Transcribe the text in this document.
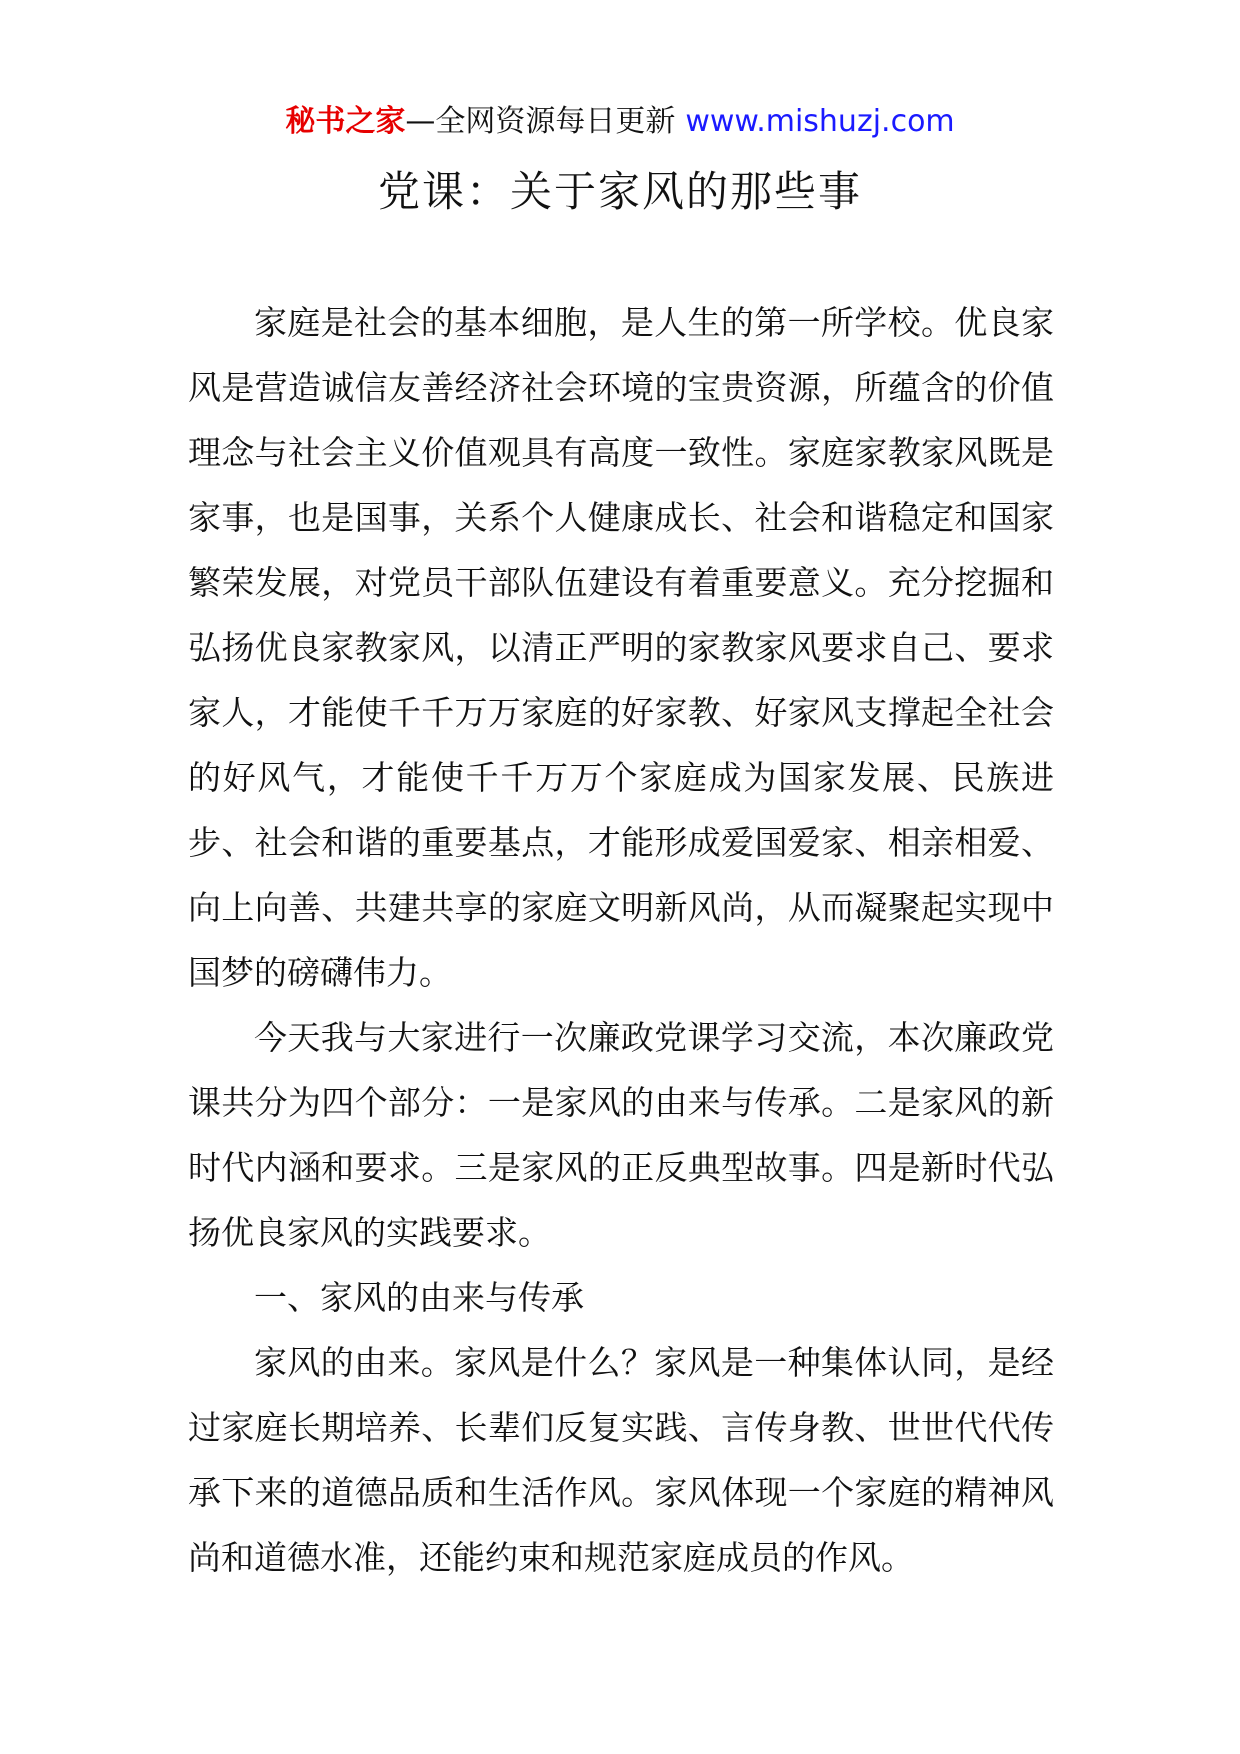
秘书之家—全网资源每日更新 www.mishuzj.com
党课：关于家风的那些事

家庭是社会的基本细胞，是人生的第一所学校。优良家风是营造诚信友善经济社会环境的宝贵资源，所蕴含的价值理念与社会主义价值观具有高度一致性。家庭家教家风既是家事，也是国事，关系个人健康成长、社会和谐稳定和国家繁荣发展，对党员干部队伍建设有着重要意义。充分挖掘和弘扬优良家教家风，以清正严明的家教家风要求自己、要求家人，才能使千千万万家庭的好家教、好家风支撑起全社会的好风气，才能使千千万万个家庭成为国家发展、民族进步、社会和谐的重要基点，才能形成爱国爱家、相亲相爱、向上向善、共建共享的家庭文明新风尚，从而凝聚起实现中国梦的磅礴伟力。

今天我与大家进行一次廉政党课学习交流，本次廉政党课共分为四个部分：一是家风的由来与传承。二是家风的新时代内涵和要求。三是家风的正反典型故事。四是新时代弘扬优良家风的实践要求。

一、家风的由来与传承

家风的由来。家风是什么？家风是一种集体认同，是经过家庭长期培养、长辈们反复实践、言传身教、世世代代传承下来的道德品质和生活作风。家风体现一个家庭的精神风尚和道德水准，还能约束和规范家庭成员的作风。
